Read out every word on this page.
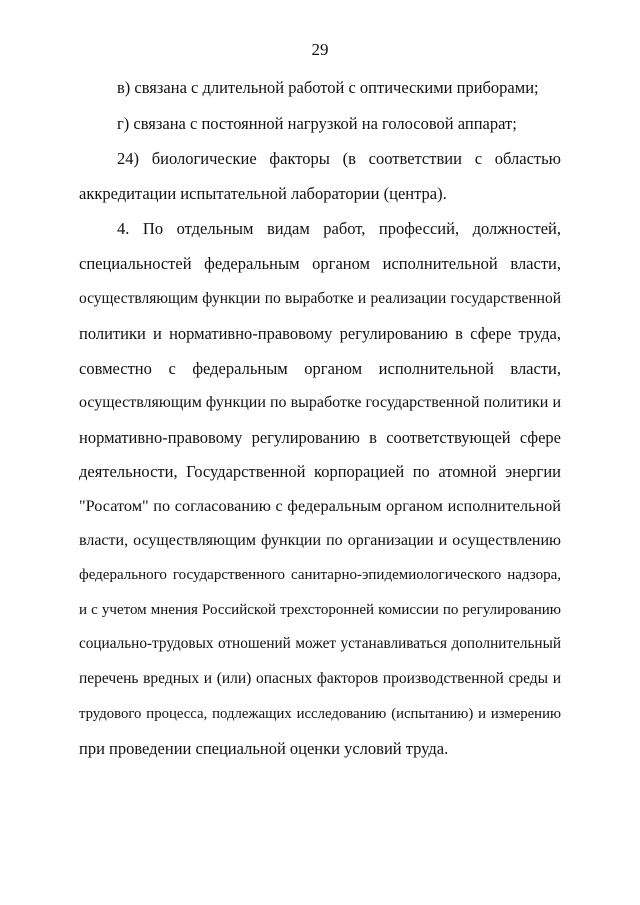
29
в) связана с длительной работой с оптическими приборами;
г) связана с постоянной нагрузкой на голосовой аппарат;
24) биологические факторы (в соответствии с областью
аккредитации испытательной лаборатории (центра).
4. По отдельным видам работ, профессий, должностей,
специальностей федеральным органом исполнительной власти,
осуществляющим функции по выработке и реализации государственной
политики и нормативно-правовому регулированию в сфере труда,
совместно с федеральным органом исполнительной власти,
осуществляющим функции по выработке государственной политики и
нормативно-правовому регулированию в соответствующей сфере
деятельности, Государственной корпорацией по атомной энергии
"Росатом" по согласованию с федеральным органом исполнительной
власти, осуществляющим функции по организации и осуществлению
федерального государственного санитарно-эпидемиологического надзора,
и с учетом мнения Российской трехсторонней комиссии по регулированию
социально-трудовых отношений может устанавливаться дополнительный
перечень вредных и (или) опасных факторов производственной среды и
трудового процесса, подлежащих исследованию (испытанию) и измерению
при проведении специальной оценки условий труда.
